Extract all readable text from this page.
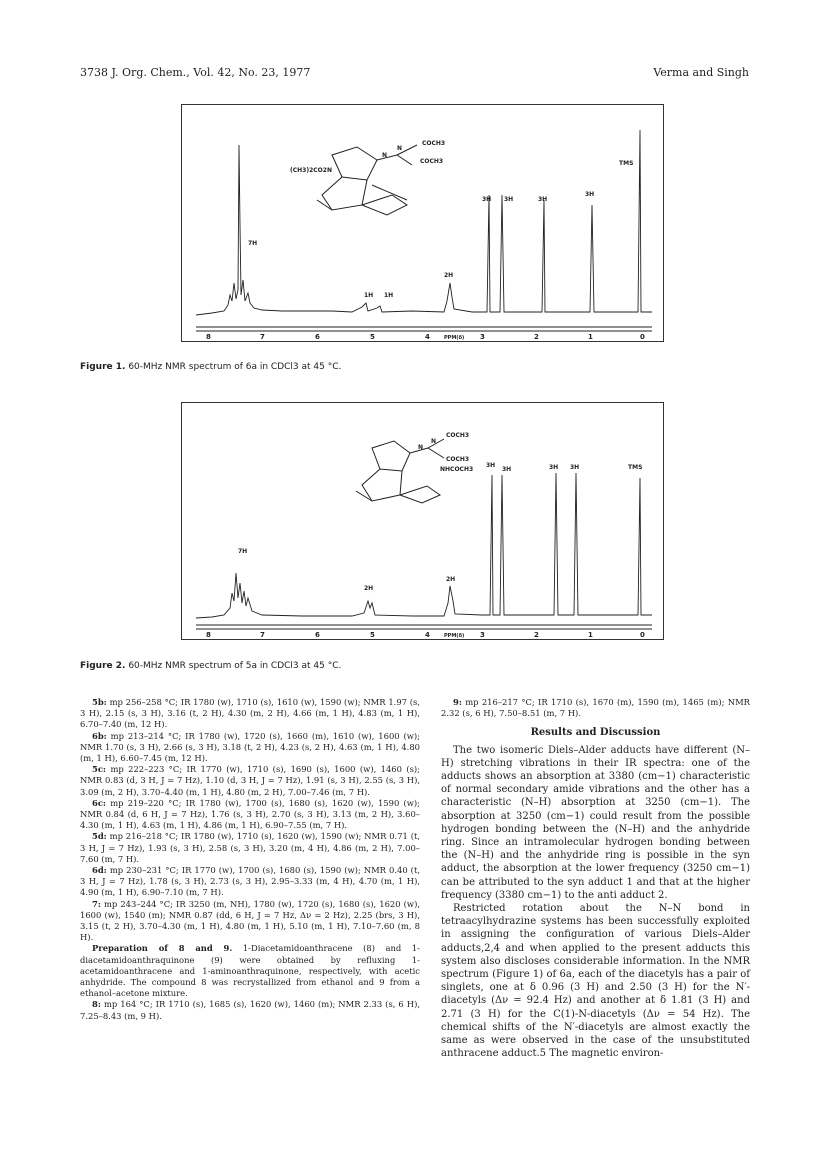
3738 J. Org. Chem., Vol. 42, No. 23, 1977	Verma and Singh
COCH3
N
N
COCH3
(CH3)2CO2N
8	7	6	5	4	PPM(δ) 3	2	1	0
7H
1H 1H
2H
3H 3H	3H
3H
TMS
Figure 1. 60-MHz NMR spectrum of 6a in CDCl3 at 45 °C.
COCH3
N
N
COCH3
NHCOCH3
8	7	6	5	4	PPM(δ) 3	2	1	0
7H
2H
2H
3H
3H	3H 3H	TMS
Figure 2. 60-MHz NMR spectrum of 5a in CDCl3 at 45 °C.

5b: mp 256–258 °C; IR 1780 (w), 1710 (s), 1610 (w), 1590 (w); NMR 1.97 (s, 3 H), 2.15 (s, 3 H), 3.16 (t, 2 H), 4.30 (m, 2 H), 4.66 (m, 1 H), 4.83 (m, 1 H), 6.70–7.40 (m, 12 H).

6b: mp 213–214 °C; IR 1780 (w), 1720 (s), 1660 (m), 1610 (w), 1600 (w); NMR 1.70 (s, 3 H), 2.66 (s, 3 H), 3.18 (t, 2 H), 4.23 (s, 2 H), 4.63 (m, 1 H), 4.80 (m, 1 H), 6.60–7.45 (m, 12 H).

5c: mp 222–223 °C; IR 1770 (w), 1710 (s), 1690 (s), 1600 (w), 1460 (s); NMR 0.83 (d, 3 H, J = 7 Hz), 1.10 (d, 3 H, J = 7 Hz), 1.91 (s, 3 H), 2.55 (s, 3 H), 3.09 (m, 2 H), 3.70–4.40 (m, 1 H), 4.80 (m, 2 H), 7.00–7.46 (m, 7 H).

6c: mp 219–220 °C; IR 1780 (w), 1700 (s), 1680 (s), 1620 (w), 1590 (w); NMR 0.84 (d, 6 H, J = 7 Hz), 1.76 (s, 3 H), 2.70 (s, 3 H), 3.13 (m, 2 H), 3.60–4.30 (m, 1 H), 4.63 (m, 1 H), 4.86 (m, 1 H), 6.90–7.55 (m, 7 H).

5d: mp 216–218 °C; IR 1780 (w), 1710 (s), 1620 (w), 1590 (w); NMR 0.71 (t, 3 H, J = 7 Hz), 1.93 (s, 3 H), 2.58 (s, 3 H), 3.20 (m, 4 H), 4.86 (m, 2 H), 7.00–7.60 (m, 7 H).

6d: mp 230–231 °C; IR 1770 (w), 1700 (s), 1680 (s), 1590 (w); NMR 0.40 (t, 3 H, J = 7 Hz), 1.78 (s, 3 H), 2.73 (s, 3 H), 2.95–3.33 (m, 4 H), 4.70 (m, 1 H), 4.90 (m, 1 H), 6.90–7.10 (m, 7 H).

7: mp 243–244 °C; IR 3250 (m, NH), 1780 (w), 1720 (s), 1680 (s), 1620 (w), 1600 (w), 1540 (m); NMR 0.87 (dd, 6 H, J = 7 Hz, Δν = 2 Hz), 2.25 (brs, 3 H), 3.15 (t, 2 H), 3.70–4.30 (m, 1 H), 4.80 (m, 1 H), 5.10 (m, 1 H), 7.10–7.60 (m, 8 H).

Preparation of 8 and 9. 1-Diacetamidoanthracene (8) and 1-diacetamidoanthraquinone (9) were obtained by refluxing 1-acetamidoanthracene and 1-aminoanthraquinone, respectively, with acetic anhydride. The compound 8 was recrystallized from ethanol and 9 from a ethanol–acetone mixture.

8: mp 164 °C; IR 1710 (s), 1685 (s), 1620 (w), 1460 (m); NMR 2.33 (s, 6 H), 7.25–8.43 (m, 9 H).

9: mp 216–217 °C; IR 1710 (s), 1670 (m), 1590 (m), 1465 (m); NMR 2.32 (s, 6 H), 7.50–8.51 (m, 7 H).

Results and Discussion

The two isomeric Diels–Alder adducts have different (N–H) stretching vibrations in their IR spectra: one of the adducts shows an absorption at 3380 (cm−1) characteristic of normal secondary amide vibrations and the other has a characteristic (N–H) absorption at 3250 (cm−1). The absorption at 3250 (cm−1) could result from the possible hydrogen bonding between the (N–H) and the anhydride ring. Since an intramolecular hydrogen bonding between the (N–H) and the anhydride ring is possible in the syn adduct, the absorption at the lower frequency (3250 cm−1) can be attributed to the syn adduct 1 and that at the higher frequency (3380 cm−1) to the anti adduct 2.

Restricted rotation about the N–N bond in tetraacylhydrazine systems has been successfully exploited in assigning the configuration of various Diels–Alder adducts,2,4 and when applied to the present adducts this system also discloses considerable information. In the NMR spectrum (Figure 1) of 6a, each of the diacetyls has a pair of singlets, one at δ 0.96 (3 H) and 2.50 (3 H) for the N′-diacetyls (Δν = 92.4 Hz) and another at δ 1.81 (3 H) and 2.71 (3 H) for the C(1)-N-diacetyls (Δν = 54 Hz). The chemical shifts of the N′-diacetyls are almost exactly the same as were observed in the case of the unsubstituted anthracene adduct.5 The magnetic environ-
